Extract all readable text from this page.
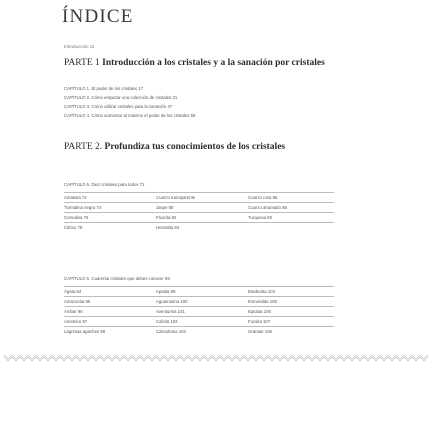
ÍNDICE
Introducción 11
PARTE 1 Introducción a los cristales y a la sanación por cristales
CAPÍTULO 1. El poder de los cristales 17
CAPÍTULO 2. Cómo empezar una colección de cristales 31
CAPÍTULO 3. Cómo utilizar cristales para la sanación 47
CAPÍTULO 4. Cómo aumentar al máximo el poder de los cristales 59
PARTE 2. Profundiza tus conocimientos de los cristales
CAPÍTULO 5. Diez cristales para todos 71
Amatista 72	Cuarzo transparente	Cuarzo rosa 86
Turmalina negra 74	Jaspe 80	Cuarzo ahumado 88
Cornalina 76	Fluorita 82	Turquesa 90
Citrino 78	Hematita 84
CAPÍTULO 6. Cuarenta cristales que debes conocer 93
Ágata 94	Apatita 99	Danburita 104
Amazonita 95	Aguamarina 100	Esmeralda 105
Ámbar 96	Aventurina 101	Epidota 106
Ametrino 97	Calcita 102	Fucsita 107
Lágrimas apaches 98	Calcedonia 103	Granate 108
